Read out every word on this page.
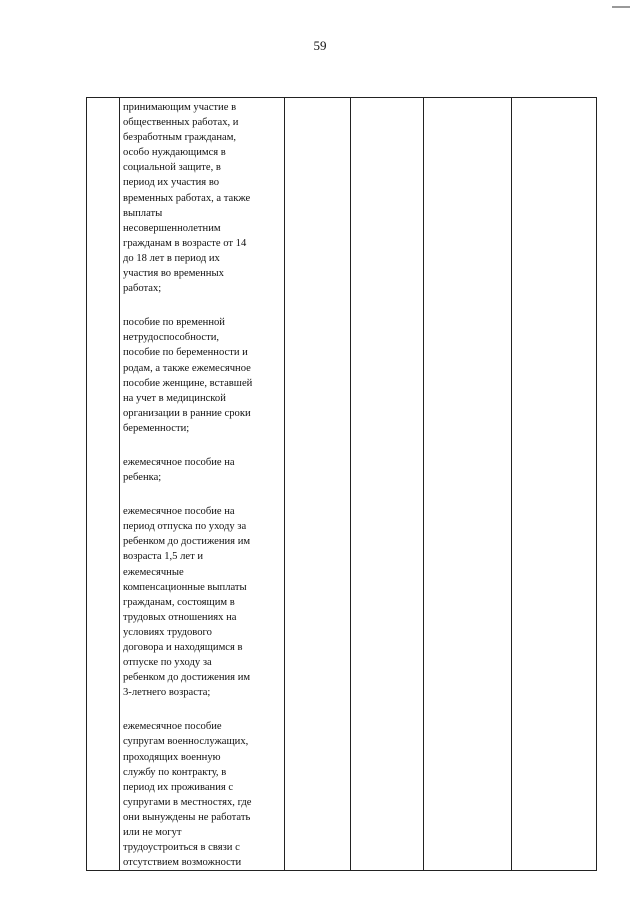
59

принимающим участие в
общественных работах, и
безработным гражданам,
особо нуждающимся в
социальной защите, в
период их участия во
временных работах, а также
выплаты
несовершеннолетним
гражданам в возрасте от 14
до 18 лет в период их
участия во временных
работах;

пособие по временной
нетрудоспособности,
пособие по беременности и
родам, а также ежемесячное
пособие женщине, вставшей
на учет в медицинской
организации в ранние сроки
беременности;

ежемесячное пособие на
ребенка;

ежемесячное пособие на
период отпуска по уходу за
ребенком до достижения им
возраста 1,5 лет и
ежемесячные
компенсационные выплаты
гражданам, состоящим в
трудовых отношениях на
условиях трудового
договора и находящимся в
отпуске по уходу за
ребенком до достижения им
3-летнего возраста;

ежемесячное пособие
супругам военнослужащих,
проходящих военную
службу по контракту, в
период их проживания с
супругами в местностях, где
они вынуждены не работать
или не могут
трудоустроиться в связи с
отсутствием возможности
